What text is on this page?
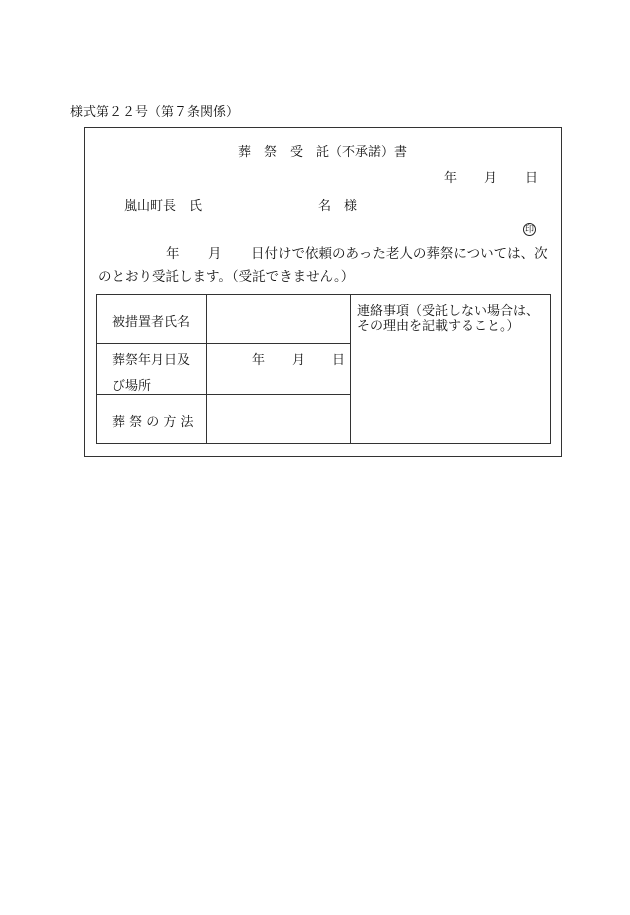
様式第２２号（第７条関係）
葬　祭　受　託（不承諾）書
年 月 日
嵐山町長　氏	名　様
印
年 月 日付けで依頼のあった老人の葬祭については、次
のとおり受託します。（受託できません。）
被措置者氏名
葬祭年月日及
び場所
年 月 日
葬 祭 の 方 法
連絡事項（受託しない場合は、
その理由を記載すること。）
